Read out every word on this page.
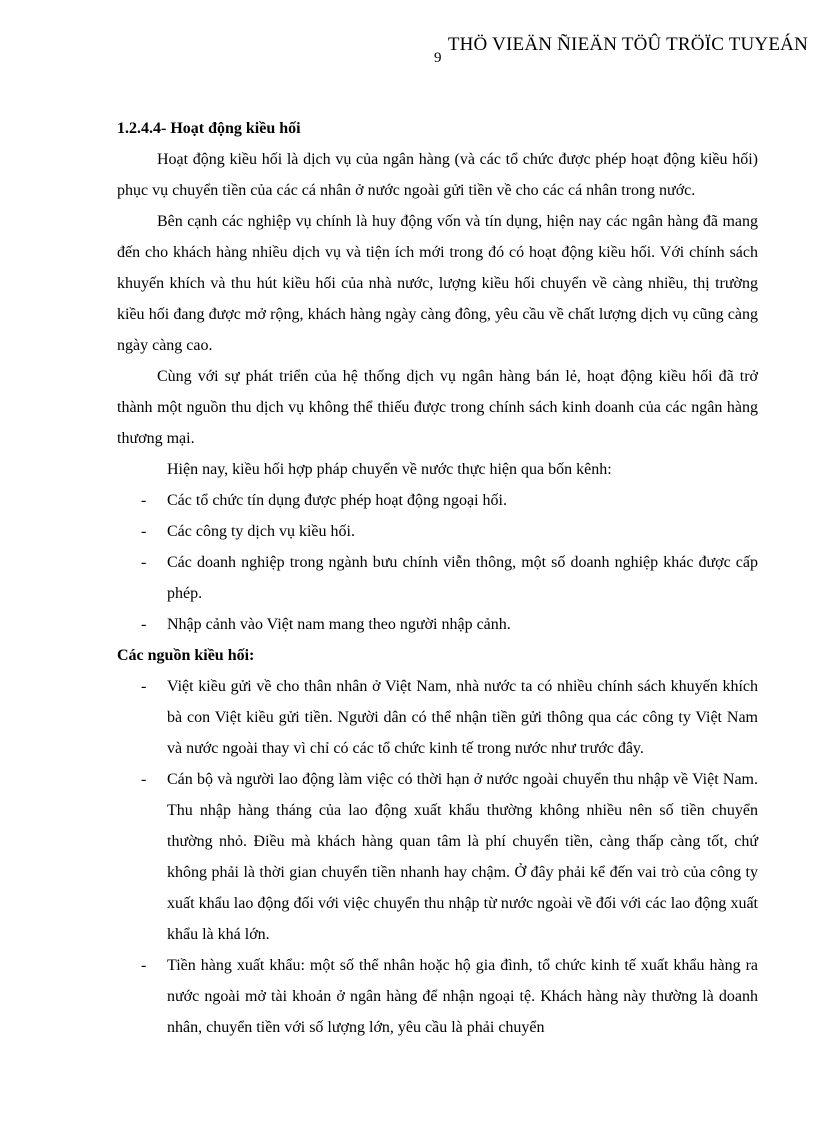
THÖ VIEÄN ÑIEÄN TÖÛ TRÖÏC TUYEÁN
9

1.2.4.4- Hoạt động kiều hối

Hoạt động kiều hối là dịch vụ của ngân hàng (và các tổ chức được phép hoạt động kiều hối) phục vụ chuyển tiền của các cá nhân ở nước ngoài gửi tiền về cho các cá nhân trong nước.

Bên cạnh các nghiệp vụ chính là huy động vốn và tín dụng, hiện nay các ngân hàng đã mang đến cho khách hàng nhiều dịch vụ và tiện ích mới trong đó có hoạt động kiều hối. Với chính sách khuyến khích và thu hút kiều hối của nhà nước, lượng kiều hối chuyển về càng nhiều, thị trường kiều hối đang được mở rộng, khách hàng ngày càng đông, yêu cầu về chất lượng dịch vụ cũng càng ngày càng cao.

Cùng với sự phát triển của hệ thống dịch vụ ngân hàng bán lẻ, hoạt động kiều hối đã trở thành một nguồn thu dịch vụ không thể thiếu được trong chính sách kinh doanh của các ngân hàng thương mại.

Hiện nay, kiều hối hợp pháp chuyển về nước thực hiện qua bốn kênh:

-	Các tổ chức tín dụng được phép hoạt động ngoại hối.
-	Các công ty dịch vụ kiều hối.
-	Các doanh nghiệp trong ngành bưu chính viễn thông, một số doanh nghiệp khác được cấp phép.
-	Nhập cảnh vào Việt nam mang theo người nhập cảnh.

Các nguồn kiều hối:

-	Việt kiều gửi về cho thân nhân ở Việt Nam, nhà nước ta có nhiều chính sách khuyến khích bà con Việt kiều gửi tiền. Người dân có thể nhận tiền gửi thông qua các công ty Việt Nam và nước ngoài thay vì chỉ có các tổ chức kinh tế trong nước như trước đây.
-	Cán bộ và người lao động làm việc có thời hạn ở nước ngoài chuyển thu nhập về Việt Nam. Thu nhập hàng tháng của lao động xuất khẩu thường không nhiều nên số tiền chuyển thường nhỏ. Điều mà khách hàng quan tâm là phí chuyển tiền, càng thấp càng tốt, chứ không phải là thời gian chuyển tiền nhanh hay chậm. Ở đây phải kể đến vai trò của công ty xuất khẩu lao động đối với việc chuyển thu nhập từ nước ngoài về đối với các lao động xuất khẩu là khá lớn.
-	Tiền hàng xuất khẩu: một số thể nhân hoặc hộ gia đình, tổ chức kinh tế xuất khẩu hàng ra nước ngoài mở tài khoản ở ngân hàng để nhận ngoại tệ. Khách hàng này thường là doanh nhân, chuyển tiền với số lượng lớn, yêu cầu là phải chuyển
